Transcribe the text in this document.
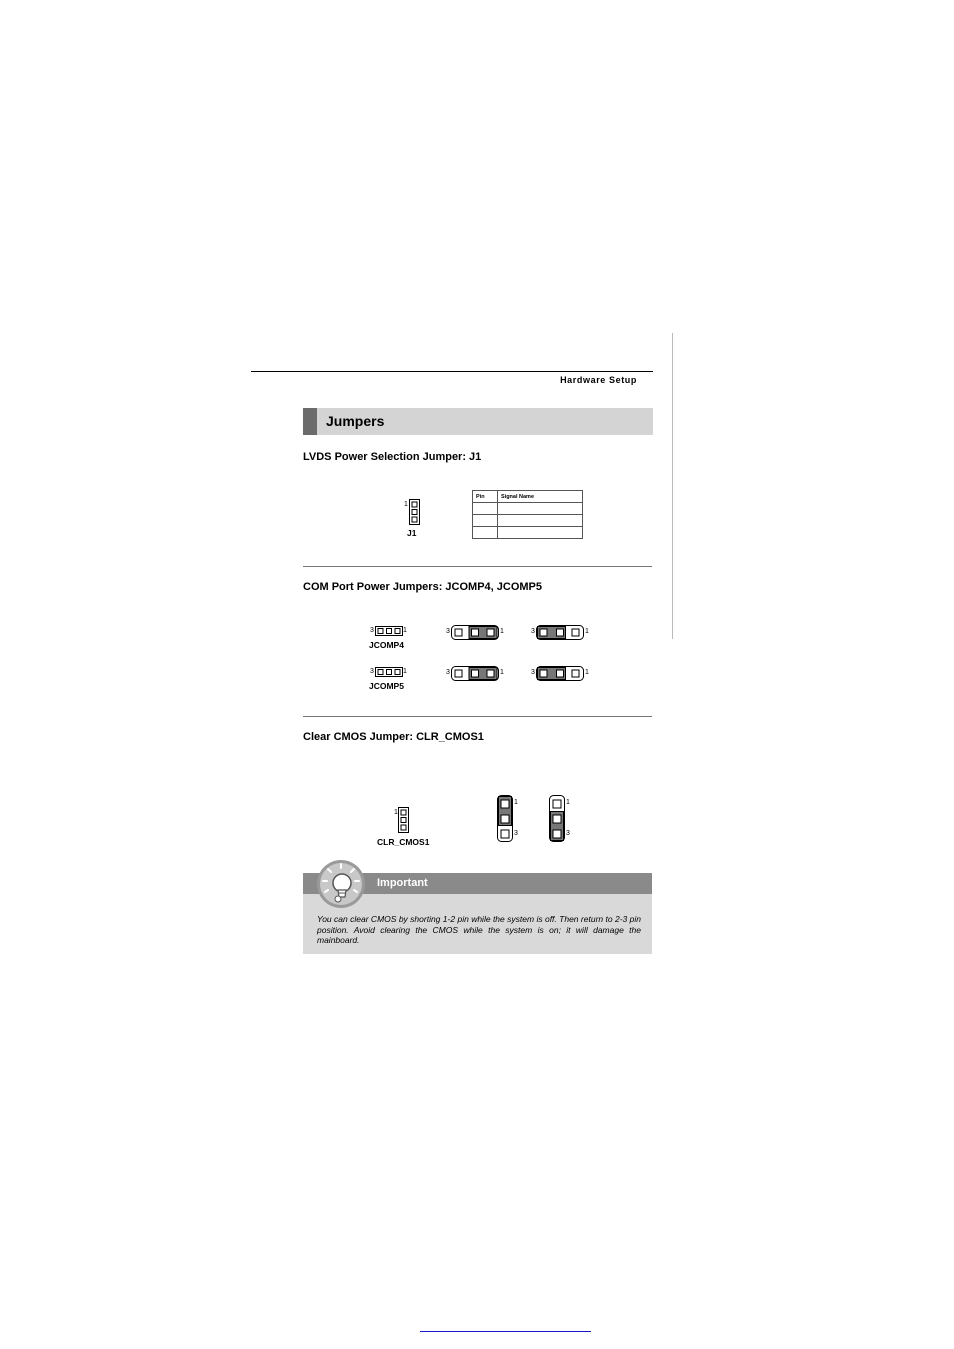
Hardware Setup
Jumpers
LVDS Power Selection Jumper: J1
1
J1
Pin	Signal Name

COM Port Power Jumpers: JCOMP4, JCOMP5
3	1
JCOMP4
3	1	3	1
3	1
JCOMP5
3	1	3	1
Clear CMOS Jumper: CLR_CMOS1
1
CLR_CMOS1
1
3
1
3
Important

You can clear CMOS by shorting 1-2 pin while the system is off. Then return to 2-3 pin position. Avoid clearing the CMOS while the system is on; it will damage the mainboard.
